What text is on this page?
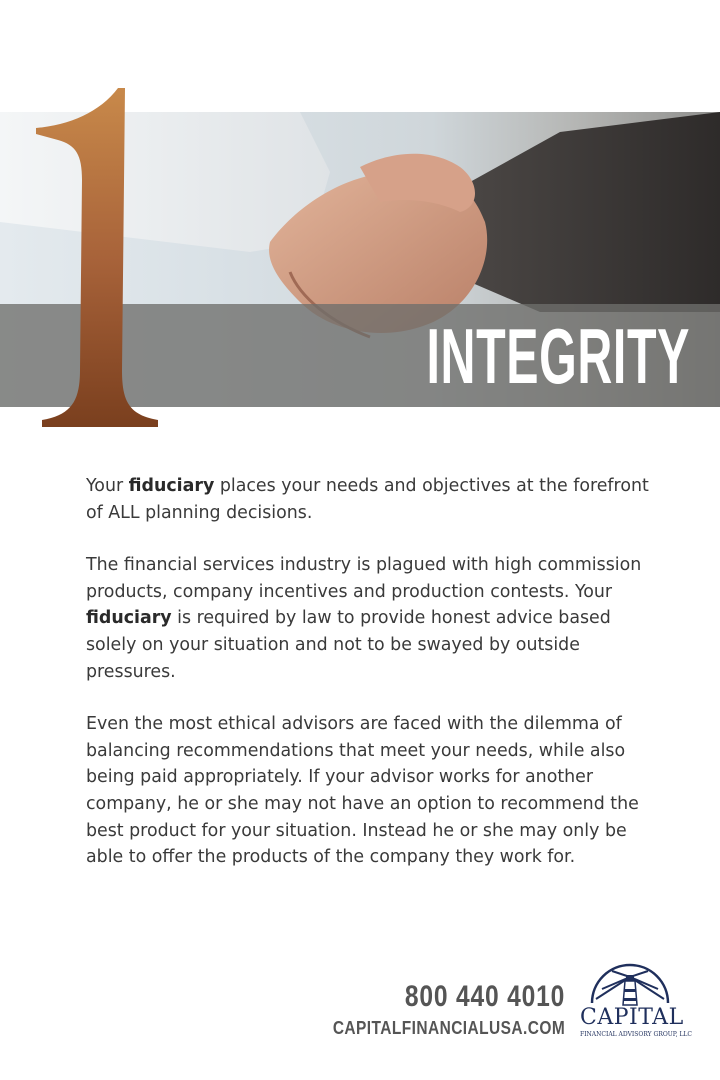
INTEGRITY

Your fiduciary places your needs and objectives at the forefront of ALL planning decisions.

The financial services industry is plagued with high commission products, company incentives and production contests. Your fiduciary is required by law to provide honest advice based solely on your situation and not to be swayed by outside pressures.

Even the most ethical advisors are faced with the dilemma of balancing recommendations that meet your needs, while also being paid appropriately. If your advisor works for another company, he or she may not have an option to recommend the best product for your situation. Instead he or she may only be able to offer the products of the company they work for.

800 440 4010
CAPITALFINANCIALUSA.COM CAPITAL
FINANCIAL ADVISORY GROUP, LLC
